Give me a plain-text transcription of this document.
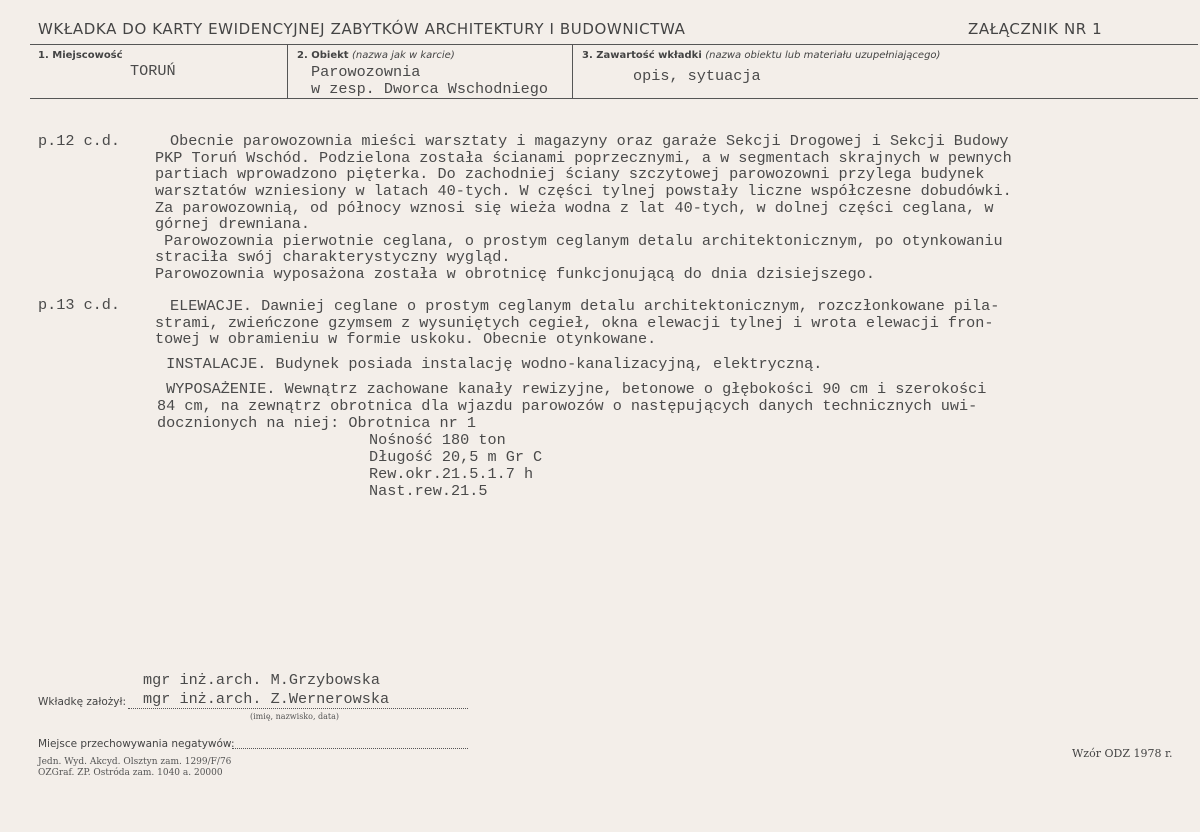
WKŁADKA DO KARTY EWIDENCYJNEJ ZABYTKÓW ARCHITEKTURY I BUDOWNICTWA	ZAŁĄCZNIK NR 1
1. Miejscowość
TORUŃ
2. Obiekt (nazwa jak w karcie)
Parowozownia
w zesp. Dworca Wschodniego
3. Zawartość wkładki (nazwa obiektu lub materiału uzupełniającego)
opis, sytuacja
p.12 c.d.	Obecnie parowozownia mieści warsztaty i magazyny oraz garaże Sekcji Drogowej i Sekcji Budowy
PKP Toruń Wschód. Podzielona została ścianami poprzecznymi, a w segmentach skrajnych w pewnych
partiach wprowadzono pięterka. Do zachodniej ściany szczytowej parowozowni przylega budynek
warsztatów wzniesiony w latach 40-tych. W części tylnej powstały liczne współczesne dobudówki.
Za parowozownią, od północy wznosi się wieża wodna z lat 40-tych, w dolnej części ceglana, w
górnej drewniana.
Parowozownia pierwotnie ceglana, o prostym ceglanym detalu architektonicznym, po otynkowaniu
straciła swój charakterystyczny wygląd.
Parowozownia wyposażona została w obrotnicę funkcjonującą do dnia dzisiejszego.
p.13 c.d.	ELEWACJE. Dawniej ceglane o prostym ceglanym detalu architektonicznym, rozczłonkowane pila-
strami, zwieńczone gzymsem z wysuniętych cegieł, okna elewacji tylnej i wrota elewacji fron-
towej w obramieniu w formie uskoku. Obecnie otynkowane.
INSTALACJE. Budynek posiada instalację wodno-kanalizacyjną, elektryczną.
WYPOSAŻENIE. Wewnątrz zachowane kanały rewizyjne, betonowe o głębokości 90 cm i szerokości
84 cm, na zewnątrz obrotnica dla wjazdu parowozów o następujących danych technicznych uwi-
docznionych na niej: Obrotnica nr 1
Nośność 180 ton
Długość 20,5 m Gr C
Rew.okr.21.5.1.7 h
Nast.rew.21.5
mgr inż.arch. M.Grzybowska
Wkładkę założył: mgr inż.arch. Z.Wernerowska
(imię, nazwisko, data)
Miejsce przechowywania negatywów:
Jedn. Wyd. Akcyd. Olsztyn zam. 1299/F/76
OZGraf. ZP. Ostróda zam. 1040 a. 20000
Wzór ODZ 1978 r.
